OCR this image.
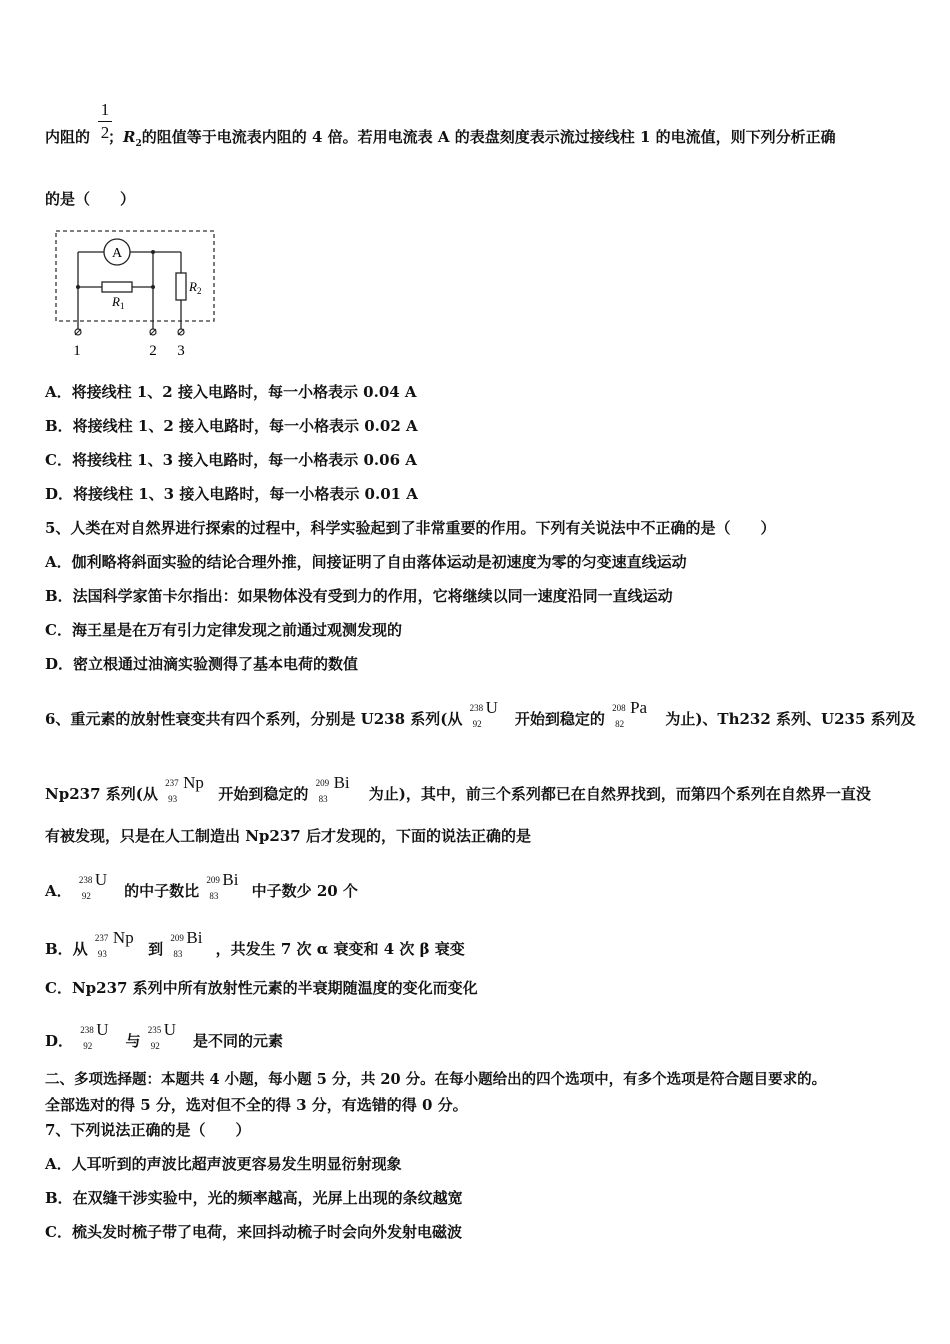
1
2
内阻的 ；$R_2$的阻值等于电流表内阻的 4 倍。若用电流表 A 的表盘刻度表示流过接线柱 1 的电流值，则下列分析正确
的是（　　）
A
$R_1$
$R_2$
1	2 3
A．将接线柱 1、2 接入电路时，每一小格表示 0.04 A
B．将接线柱 1、2 接入电路时，每一小格表示 0.02 A
C．将接线柱 1、3 接入电路时，每一小格表示 0.06 A
D．将接线柱 1、3 接入电路时，每一小格表示 0.01 A
5、人类在对自然界进行探索的过程中，科学实验起到了非常重要的作用。下列有关说法中不正确的是（　　）
A．伽利略将斜面实验的结论合理外推，间接证明了自由落体运动是初速度为零的匀变速直线运动
B．法国科学家笛卡尔指出：如果物体没有受到力的作用，它将继续以同一速度沿同一直线运动
C．海王星是在万有引力定律发现之前通过观测发现的
D．密立根通过油滴实验测得了基本电荷的数值
6、重元素的放射性衰变共有四个系列，分别是 U238 系列(从
238
92
U
开始到稳定的
208
82
Pa
为止)、Th232 系列、U235 系列及
Np237 系列(从
237
93
Np
开始到稳定的
209
83
Bi
为止)，其中，前三个系列都已在自然界找到，而第四个系列在自然界一直没
有被发现，只是在人工制造出 Np237 后才发现的，下面的说法正确的是
A．
238
92
U
的中子数比
209
83
Bi
中子数少 20 个
B．从
237
93
Np
到
209
83
Bi
，共发生 7 次 α 衰变和 4 次 β 衰变
C．Np237 系列中所有放射性元素的半衰期随温度的变化而变化
D．
238
92
U
与
235
92
U
是不同的元素
二、多项选择题：本题共 4 小题，每小题 5 分，共 20 分。在每小题给出的四个选项中，有多个选项是符合题目要求的。
全部选对的得 5 分，选对但不全的得 3 分，有选错的得 0 分。
7、下列说法正确的是（　　）
A．人耳听到的声波比超声波更容易发生明显衍射现象
B．在双缝干涉实验中，光的频率越高，光屏上出现的条纹越宽
C．梳头发时梳子带了电荷，来回抖动梳子时会向外发射电磁波
